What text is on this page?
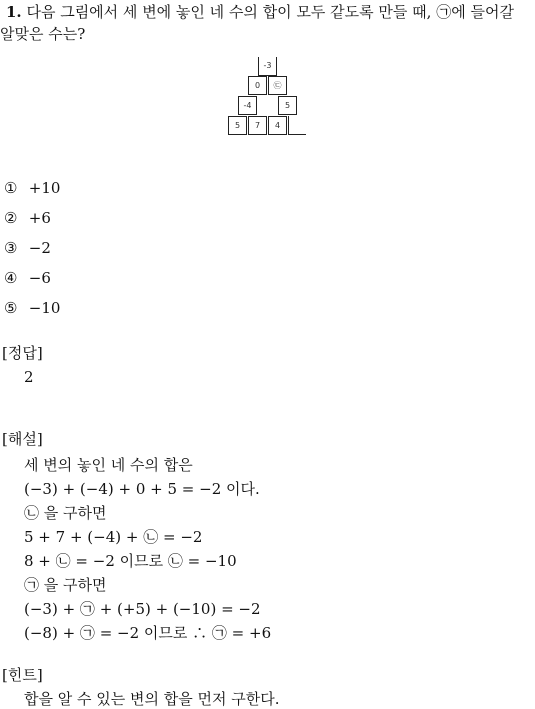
1. 다음 그림에서 세 변에 놓인 네 수의 합이 모두 같도록 만들 때, ㉠에 들어갈
알맞은 수는?
-3
0	㉢
-4	5
5	7	4
① +10
② +6
③ −2
④ −6
⑤ −10
[정답]
2
[해설]
세 변의 놓인 네 수의 합은
(−3) + (−4) + 0 + 5 = −2 이다.
㉡ 을 구하면
5 + 7 + (−4) + ㉡ = −2
8 + ㉡ = −2 이므로 ㉡ = −10
㉠ 을 구하면
(−3) + ㉠ + (+5) + (−10) = −2
(−8) + ㉠ = −2 이므로 ∴ ㉠ = +6
[힌트]
합을 알 수 있는 변의 합을 먼저 구한다.
